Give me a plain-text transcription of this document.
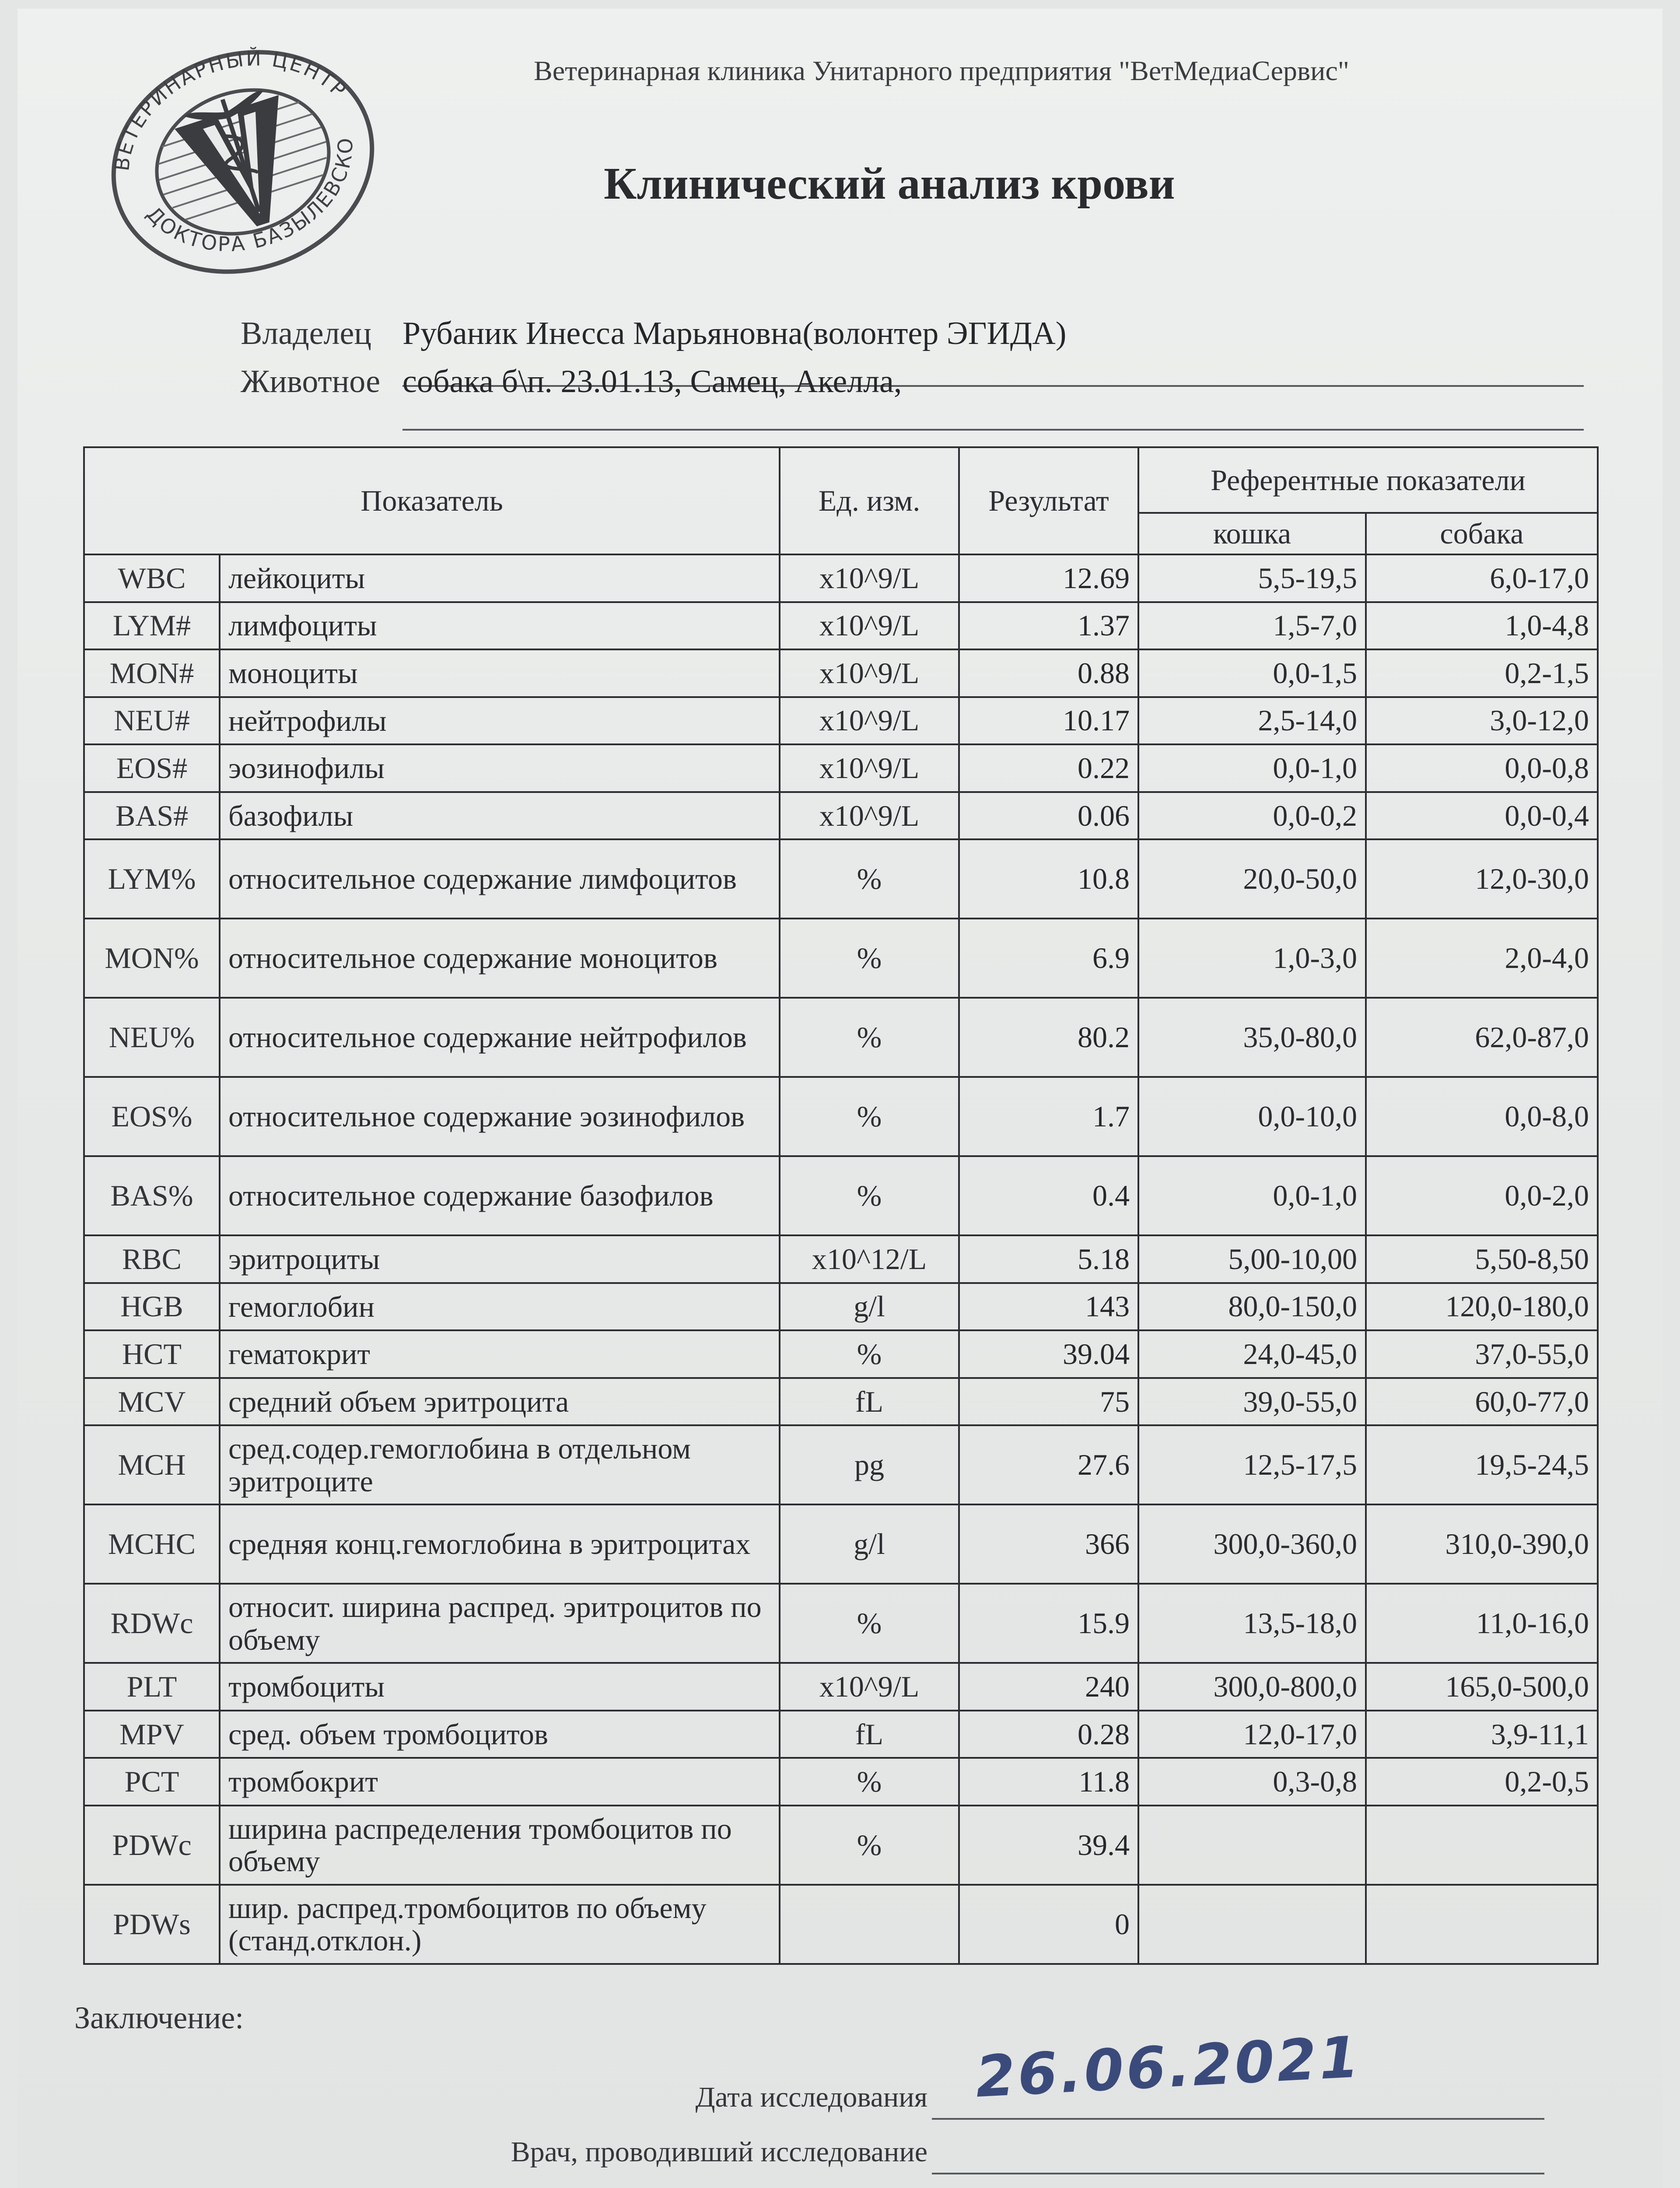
ВЕТЕРИНАРНЫЙ ЦЕНТР
ДОКТОРА БАЗЫЛЕВСКОГО
Ветеринарная клиника Унитарного предприятия "ВетМедиаСервис"
Клинический анализ крови
Владелец Рубаник Инесса Марьяновна(волонтер ЭГИДА)
Животное собака б\п. 23.01.13, Самец, Акелла,
Показатель		Ед. изм.	Результат	Референтные показатели	
				кошка	собака
WBC	лейкоциты	x10^9/L	12.69	5,5-19,5	6,0-17,0
LYM#	лимфоциты	x10^9/L	1.37	1,5-7,0	1,0-4,8
MON#	моноциты	x10^9/L	0.88	0,0-1,5	0,2-1,5
NEU#	нейтрофилы	x10^9/L	10.17	2,5-14,0	3,0-12,0
EOS#	эозинофилы	x10^9/L	0.22	0,0-1,0	0,0-0,8
BAS#	базофилы	x10^9/L	0.06	0,0-0,2	0,0-0,4
LYM%	относительное содержание лимфоцитов	%	10.8	20,0-50,0	12,0-30,0
MON%	относительное содержание моноцитов	%	6.9	1,0-3,0	2,0-4,0
NEU%	относительное содержание нейтрофилов	%	80.2	35,0-80,0	62,0-87,0
EOS%	относительное содержание эозинофилов	%	1.7	0,0-10,0	0,0-8,0
BAS%	относительное содержание базофилов	%	0.4	0,0-1,0	0,0-2,0
RBC	эритроциты	x10^12/L	5.18	5,00-10,00	5,50-8,50
HGB	гемоглобин	g/l	143	80,0-150,0	120,0-180,0
HCT	гематокрит	%	39.04	24,0-45,0	37,0-55,0
MCV	средний объем эритроцита	fL	75	39,0-55,0	60,0-77,0
MCH	сред.содер.гемоглобина в отдельном эритроците	pg	27.6	12,5-17,5	19,5-24,5
MCHC	средняя конц.гемоглобина в эритроцитах	g/l	366	300,0-360,0	310,0-390,0
RDWc	относит. ширина распред. эритроцитов по объему	%	15.9	13,5-18,0	11,0-16,0
PLT	тромбоциты	x10^9/L	240	300,0-800,0	165,0-500,0
MPV	сред. объем тромбоцитов	fL	0.28	12,0-17,0	3,9-11,1
PCT	тромбокрит	%	11.8	0,3-0,8	0,2-0,5
PDWc	ширина распределения тромбоцитов по объему	%	39.4		
PDWs	шир. распред.тромбоцитов по объему (станд.отклон.)		0		
Заключение:
Дата исследования 26.06.2021
Врач, проводивший исследование
